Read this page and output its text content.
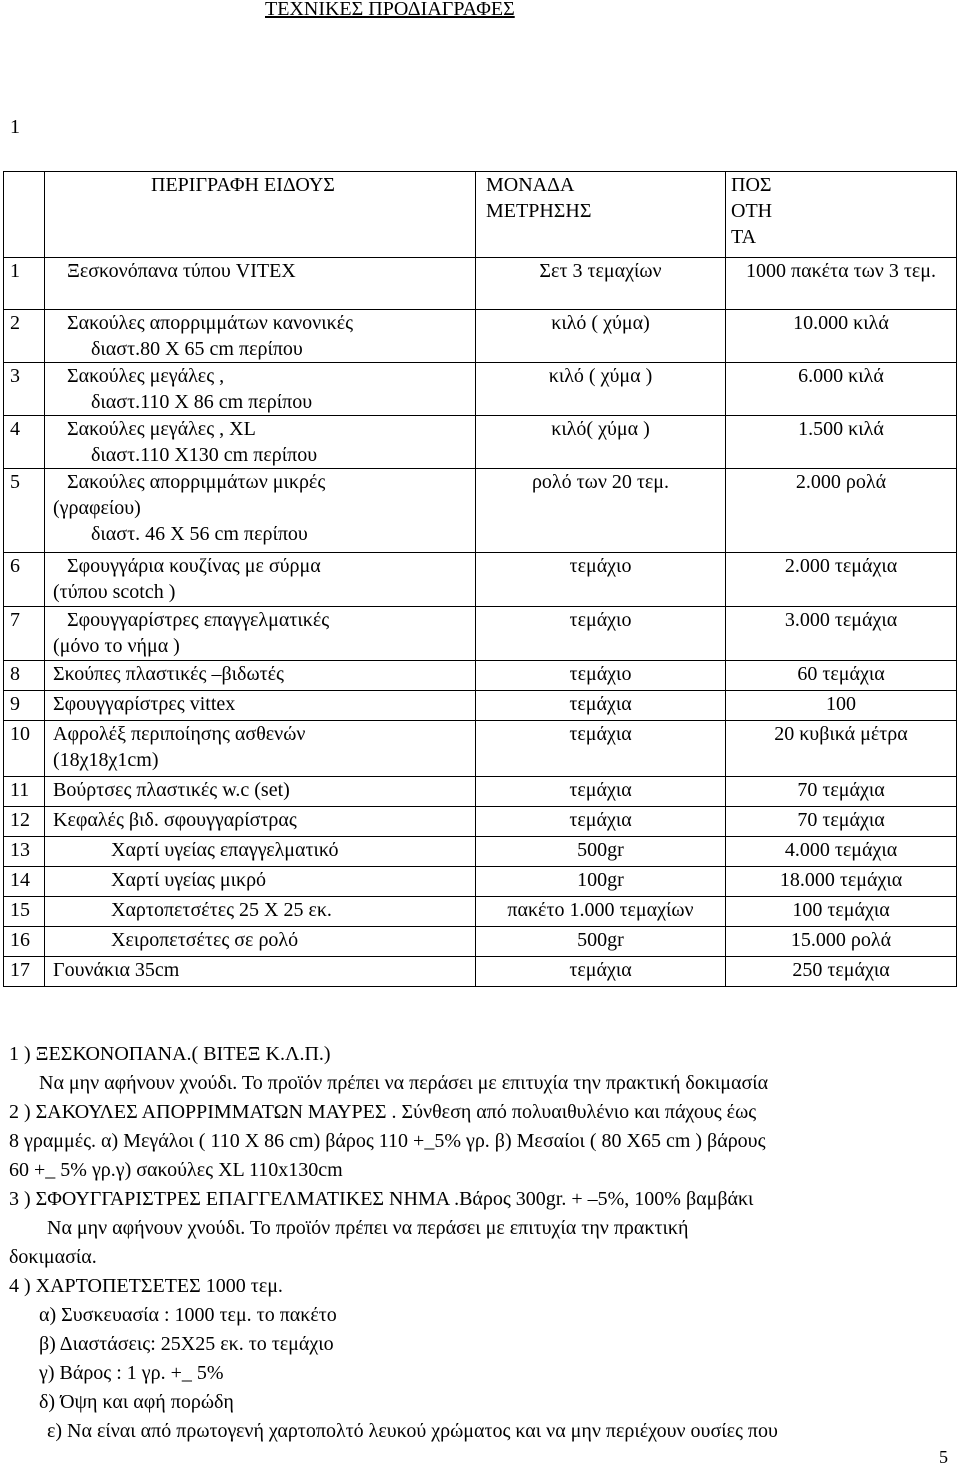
ΤΕΧΝΙΚΕΣ ΠΡΟΔΙΑΓΡΑΦΕΣ
1

	ΠΕΡΙΓΡΑΦΗ ΕΙΔΟΥΣ	ΜΟΝΑΔΑ
ΜΕΤΡΗΣΗΣ	ΠΟΣ
ΟΤΗ
ΤΑ

1	Ξεσκονόπανα τύπου VITEX	Σετ 3 τεμαχίων	1000 πακέτα των 3 τεμ.
2	Σακούλες απορριμμάτων κανονικές
διαστ.80 Χ 65 cm περίπου	κιλό ( χύμα)	10.000 κιλά
3	Σακούλες μεγάλες ,
διαστ.110 Χ 86 cm περίπου	κιλό ( χύμα )	6.000 κιλά
4	Σακούλες μεγάλες , XL
διαστ.110 Χ130 cm περίπου	κιλό( χύμα )	1.500 κιλά
5	Σακούλες απορριμμάτων μικρές
(γραφείου)
διαστ. 46 Χ 56 cm περίπου	ρολό των 20 τεμ.	2.000 ρολά
6	Σφουγγάρια κουζίνας με σύρμα
(τύπου scotch )	τεμάχιο	2.000 τεμάχια
7	Σφουγγαρίστρες επαγγελματικές
(μόνο το νήμα )	τεμάχιο	3.000 τεμάχια
8	Σκούπες πλαστικές –βιδωτές	τεμάχιο	60 τεμάχια
9	Σφουγγαρίστρες vittex	τεμάχια	100
10	Αφρολέξ περιποίησης ασθενών
(18χ18χ1cm)	τεμάχια	20 κυβικά μέτρα
11	Βούρτσες πλαστικές w.c (set)	τεμάχια	70 τεμάχια
12	Κεφαλές βιδ. σφουγγαρίστρας	τεμάχια	70 τεμάχια
13	Χαρτί υγείας επαγγελματικό	500gr	4.000 τεμάχια
14	Χαρτί υγείας μικρό	100gr	18.000 τεμάχια
15	Χαρτοπετσέτες 25 Χ 25 εκ.	πακέτο 1.000 τεμαχίων	100 τεμάχια
16	Χειροπετσέτες σε ρολό	500gr	15.000 ρολά
17	Γουνάκια 35cm	τεμάχια	250 τεμάχια
1 ) ΞΕΣΚΟΝΟΠΑΝΑ.( ΒΙΤΕΞ Κ.Λ.Π.)
Να μην αφήνουν χνούδι. Το προϊόν πρέπει να περάσει με επιτυχία την πρακτική δοκιμασία
2 ) ΣΑΚΟΥΛΕΣ ΑΠΟΡΡΙΜΜΑΤΩΝ ΜΑΥΡΕΣ . Σύνθεση από πολυαιθυλένιο και πάχους έως
8 γραμμές. α) Μεγάλοι ( 110 Χ 86 cm) βάρος 110 +_5% γρ. β) Μεσαίοι ( 80 Χ65 cm ) βάρους
60 +_ 5% γρ.γ) σακούλες XL 110x130cm
3 ) ΣΦΟΥΓΓΑΡΙΣΤΡΕΣ ΕΠΑΓΓΕΛΜΑΤΙΚΕΣ ΝΗΜΑ .Βάρος 300gr. + –5%, 100% βαμβάκι
Να μην αφήνουν χνούδι. Το προϊόν πρέπει να περάσει με επιτυχία την πρακτική
δοκιμασία.
4 ) ΧΑΡΤΟΠΕΤΣΕΤΕΣ 1000 τεμ.
α) Συσκευασία : 1000 τεμ. το πακέτο
β) Διαστάσεις: 25Χ25 εκ. το τεμάχιο
γ) Βάρος : 1 γρ. +_ 5%
δ) Όψη και αφή πορώδη
ε) Να είναι από πρωτογενή χαρτοπολτό λευκού χρώματος και να μην περιέχουν ουσίες που
5
